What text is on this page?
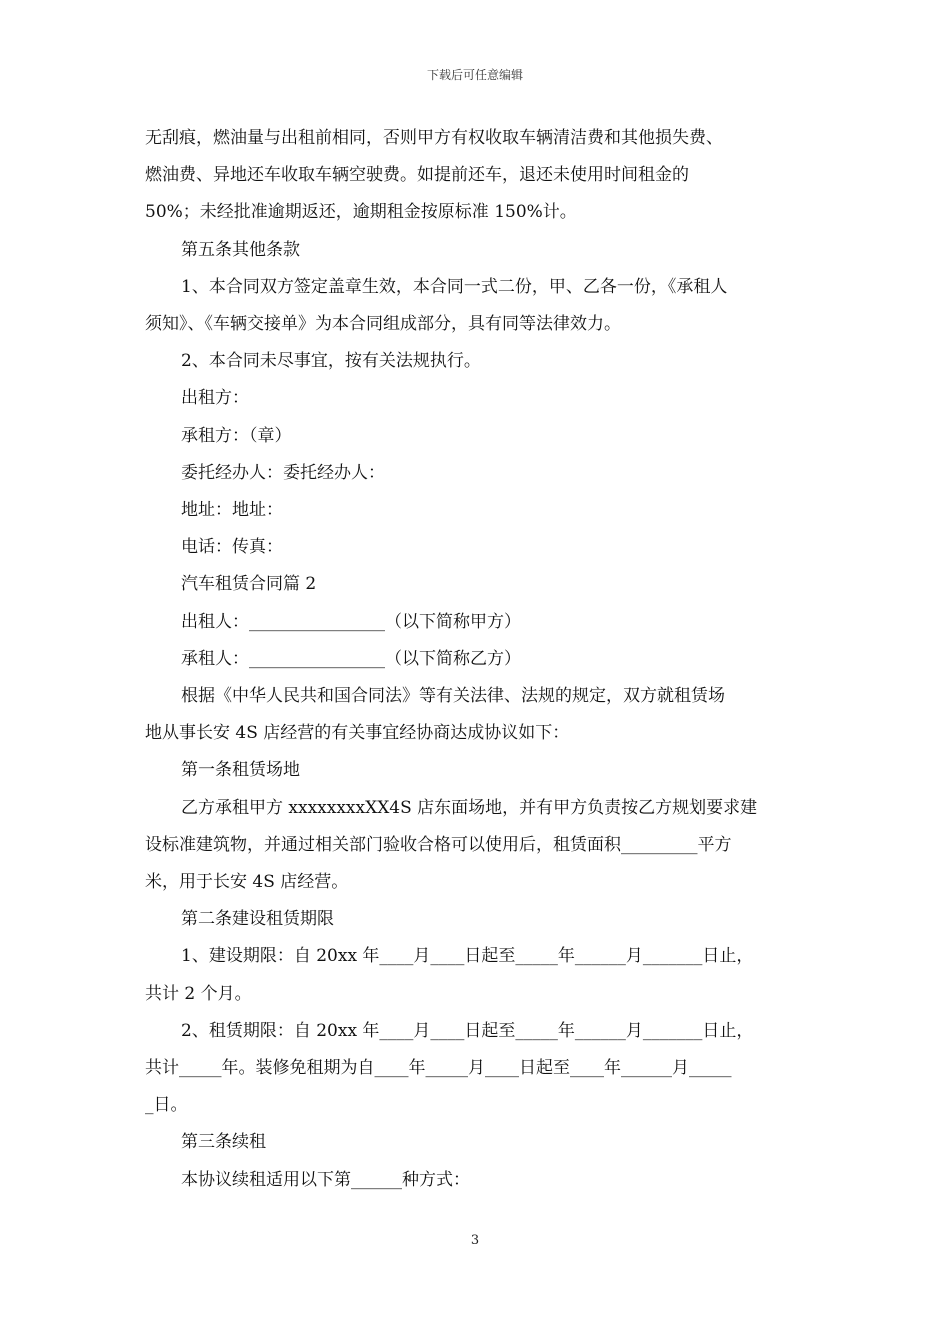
下载后可任意编辑

无刮痕，燃油量与出租前相同，否则甲方有权收取车辆清洁费和其他损失费、

燃油费、异地还车收取车辆空驶费。如提前还车，退还未使用时间租金的

50%；未经批准逾期返还，逾期租金按原标准 150%计。

第五条其他条款

1、本合同双方签定盖章生效，本合同一式二份，甲、乙各一份，《承租人

须知》、《车辆交接单》为本合同组成部分，具有同等法律效力。

2、本合同未尽事宜，按有关法规执行。

出租方：

承租方：（章）

委托经办人：委托经办人：

地址：地址：

电话：传真：

汽车租赁合同篇 2

出租人：________________（以下简称甲方）

承租人：________________（以下简称乙方）

根据《中华人民共和国合同法》等有关法律、法规的规定，双方就租赁场

地从事长安 4S 店经营的有关事宜经协商达成协议如下：

第一条租赁场地

乙方承租甲方 xxxxxxxxXX4S 店东面场地，并有甲方负责按乙方规划要求建

设标准建筑物，并通过相关部门验收合格可以使用后，租赁面积_________平方

米，用于长安 4S 店经营。

第二条建设租赁期限

1、建设期限：自 20xx 年____月____日起至_____年______月_______日止，

共计 2 个月。

2、租赁期限：自 20xx 年____月____日起至_____年______月_______日止，

共计_____年。装修免租期为自____年_____月____日起至____年______月_____

_日。

第三条续租

本协议续租适用以下第______种方式：

3
